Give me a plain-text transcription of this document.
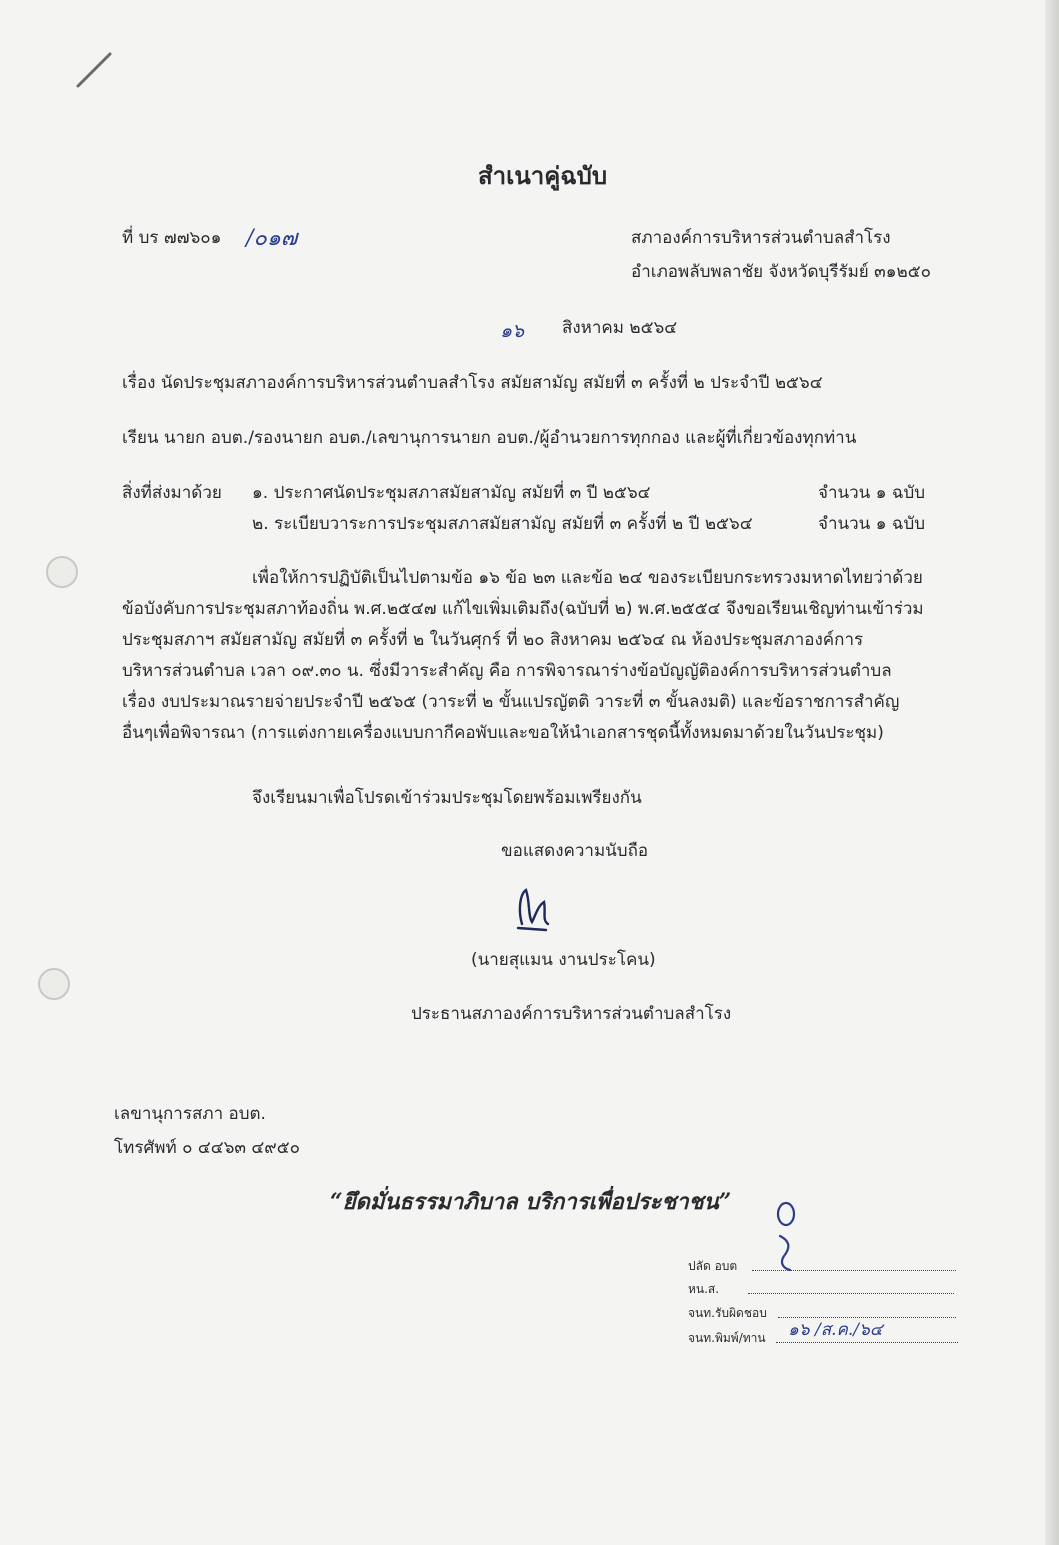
สำเนาคู่ฉบับ
ที่ บร ๗๗๖๐๑ /๐๑๗	สภาองค์การบริหารส่วนตำบลสำโรง
อำเภอพลับพลาชัย จังหวัดบุรีรัมย์ ๓๑๒๕๐
๑๖ สิงหาคม ๒๕๖๔
เรื่อง นัดประชุมสภาองค์การบริหารส่วนตำบลสำโรง สมัยสามัญ สมัยที่ ๓ ครั้งที่ ๒ ประจำปี ๒๕๖๔
เรียน นายก อบต./รองนายก อบต./เลขานุการนายก อบต./ผู้อำนวยการทุกกอง และผู้ที่เกี่ยวข้องทุกท่าน
สิ่งที่ส่งมาด้วย ๑. ประกาศนัดประชุมสภาสมัยสามัญ สมัยที่ ๓ ปี ๒๕๖๔	จำนวน ๑ ฉบับ
๒. ระเบียบวาระการประชุมสภาสมัยสามัญ สมัยที่ ๓ ครั้งที่ ๒ ปี ๒๕๖๔	จำนวน ๑ ฉบับ
เพื่อให้การปฏิบัติเป็นไปตามข้อ ๑๖ ข้อ ๒๓ และข้อ ๒๔ ของระเบียบกระทรวงมหาดไทยว่าด้วย
ข้อบังคับการประชุมสภาท้องถิ่น พ.ศ.๒๕๔๗ แก้ไขเพิ่มเติมถึง(ฉบับที่ ๒) พ.ศ.๒๕๕๔ จึงขอเรียนเชิญท่านเข้าร่วม
ประชุมสภาฯ สมัยสามัญ สมัยที่ ๓ ครั้งที่ ๒ ในวันศุกร์ ที่ ๒๐ สิงหาคม ๒๕๖๔ ณ ห้องประชุมสภาองค์การ
บริหารส่วนตำบล เวลา ๐๙.๓๐ น. ซึ่งมีวาระสำคัญ คือ การพิจารณาร่างข้อบัญญัติองค์การบริหารส่วนตำบล
เรื่อง งบประมาณรายจ่ายประจำปี ๒๕๖๕ (วาระที่ ๒ ขั้นแปรญัตติ วาระที่ ๓ ขั้นลงมติ) และข้อราชการสำคัญ
อื่นๆเพื่อพิจารณา (การแต่งกายเครื่องแบบกากีคอพับและขอให้นำเอกสารชุดนี้ทั้งหมดมาด้วยในวันประชุม)
จึงเรียนมาเพื่อโปรดเข้าร่วมประชุมโดยพร้อมเพรียงกัน
ขอแสดงความนับถือ
(นายสุแมน งานประโคน)
ประธานสภาองค์การบริหารส่วนตำบลสำโรง
เลขานุการสภา อบต.
โทรศัพท์ ๐ ๔๔๖๓ ๔๙๕๐
“ยึดมั่นธรรมาภิบาล บริการเพื่อประชาชน”
ปลัด อบต
หน.ส.
จนท.รับผิดชอบ
จนท.พิมพ์/ทาน ๑๖ /ส.ค./๖๔
